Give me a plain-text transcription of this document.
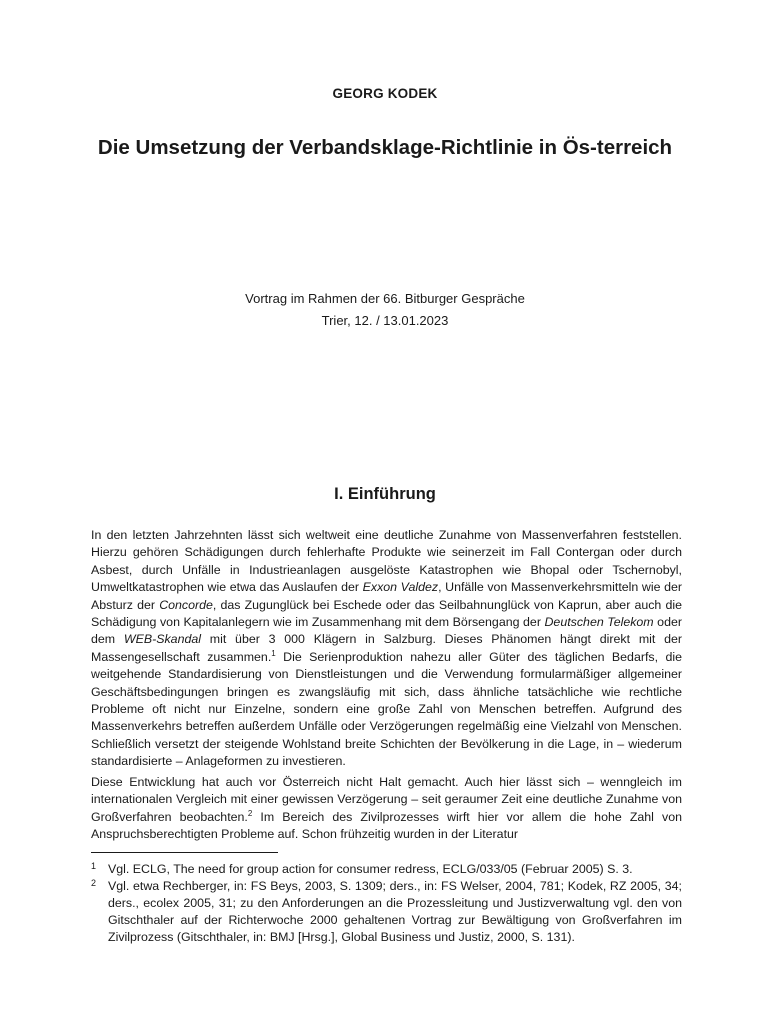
GEORG KODEK
Die Umsetzung der Verbandsklage-Richtlinie in Ös-terreich
Vortrag im Rahmen der 66. Bitburger Gespräche
Trier, 12. / 13.01.2023
I. Einführung

In den letzten Jahrzehnten lässt sich weltweit eine deutliche Zunahme von Massenverfahren feststellen. Hierzu gehören Schädigungen durch fehlerhafte Produkte wie seinerzeit im Fall Contergan oder durch Asbest, durch Unfälle in Industrieanlagen ausgelöste Katastrophen wie Bhopal oder Tschernobyl, Umweltkatastrophen wie etwa das Auslaufen der Exxon Valdez, Unfälle von Massenverkehrsmitteln wie der Absturz der Concorde, das Zugunglück bei Eschede oder das Seilbahnunglück von Kaprun, aber auch die Schädigung von Kapitalanlegern wie im Zusammenhang mit dem Börsengang der Deutschen Telekom oder dem WEB-Skandal mit über 3 000 Klägern in Salzburg. Dieses Phänomen hängt direkt mit der Massengesellschaft zusammen.$^1$ Die Serienproduktion nahezu aller Güter des täglichen Bedarfs, die weitgehende Standardisierung von Dienstleistungen und die Verwendung formularmäßiger allgemeiner Geschäftsbedingungen bringen es zwangsläufig mit sich, dass ähnliche tatsächliche wie rechtliche Probleme oft nicht nur Einzelne, sondern eine große Zahl von Menschen betreffen. Aufgrund des Massenverkehrs betreffen außerdem Unfälle oder Verzögerungen regelmäßig eine Vielzahl von Menschen. Schließlich versetzt der steigende Wohlstand breite Schichten der Bevölkerung in die Lage, in – wiederum standardisierte – Anlageformen zu investieren.

Diese Entwicklung hat auch vor Österreich nicht Halt gemacht. Auch hier lässt sich – wenngleich im internationalen Vergleich mit einer gewissen Verzögerung – seit geraumer Zeit eine deutliche Zunahme von Großverfahren beobachten.$^2$ Im Bereich des Zivilprozesses wirft hier vor allem die hohe Zahl von Anspruchsberechtigten Probleme auf. Schon frühzeitig wurden in der Literatur

1 Vgl. ECLG, The need for group action for consumer redress, ECLG/033/05 (Februar 2005) S. 3.

2 Vgl. etwa Rechberger, in: FS Beys, 2003, S. 1309; ders., in: FS Welser, 2004, 781; Kodek, RZ 2005, 34; ders., ecolex 2005, 31; zu den Anforderungen an die Prozessleitung und Justizverwaltung vgl. den von Gitschthaler auf der Richterwoche 2000 gehaltenen Vortrag zur Bewältigung von Großverfahren im Zivilprozess (Gitschthaler, in: BMJ [Hrsg.], Global Business und Justiz, 2000, S. 131).
